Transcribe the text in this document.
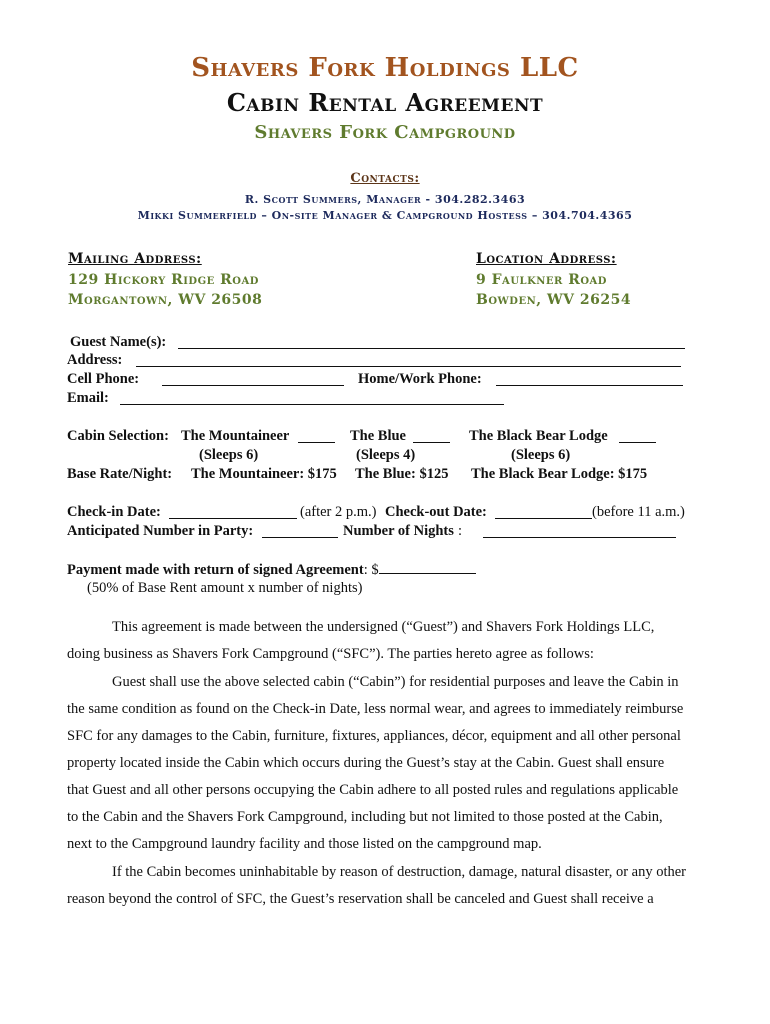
Shavers Fork Holdings LLC
Cabin Rental Agreement
Shavers Fork Campground
Contacts:
R. Scott Summers, Manager - 304.282.3463
Mikki Summerfield – On-site Manager & Campground Hostess – 304.704.4365
Mailing Address:
129 Hickory Ridge Road
Morgantown, WV 26508
Location Address:
9 Faulkner Road
Bowden, WV 26254
Guest Name(s):
Address:
Cell Phone:	Home/Work Phone:
Email:
Cabin Selection: The Mountaineer	The Blue	The Black Bear Lodge
(Sleeps 6)	(Sleeps 4)	(Sleeps 6)
Base Rate/Night: The Mountaineer: $175 The Blue: $125 The Black Bear Lodge: $175
Check-in Date:	(after 2 p.m.) Check-out Date:	(before 11 a.m.)
Anticipated Number in Party:	Number of Nights :
Payment made with return of signed Agreement: $
(50% of Base Rent amount x number of nights)
This agreement is made between the undersigned (“Guest”) and Shavers Fork Holdings LLC,
doing business as Shavers Fork Campground (“SFC”). The parties hereto agree as follows:
Guest shall use the above selected cabin (“Cabin”) for residential purposes and leave the Cabin in
the same condition as found on the Check-in Date, less normal wear, and agrees to immediately reimburse
SFC for any damages to the Cabin, furniture, fixtures, appliances, décor, equipment and all other personal
property located inside the Cabin which occurs during the Guest’s stay at the Cabin. Guest shall ensure
that Guest and all other persons occupying the Cabin adhere to all posted rules and regulations applicable
to the Cabin and the Shavers Fork Campground, including but not limited to those posted at the Cabin,
next to the Campground laundry facility and those listed on the campground map.
If the Cabin becomes uninhabitable by reason of destruction, damage, natural disaster, or any other
reason beyond the control of SFC, the Guest’s reservation shall be canceled and Guest shall receive a
